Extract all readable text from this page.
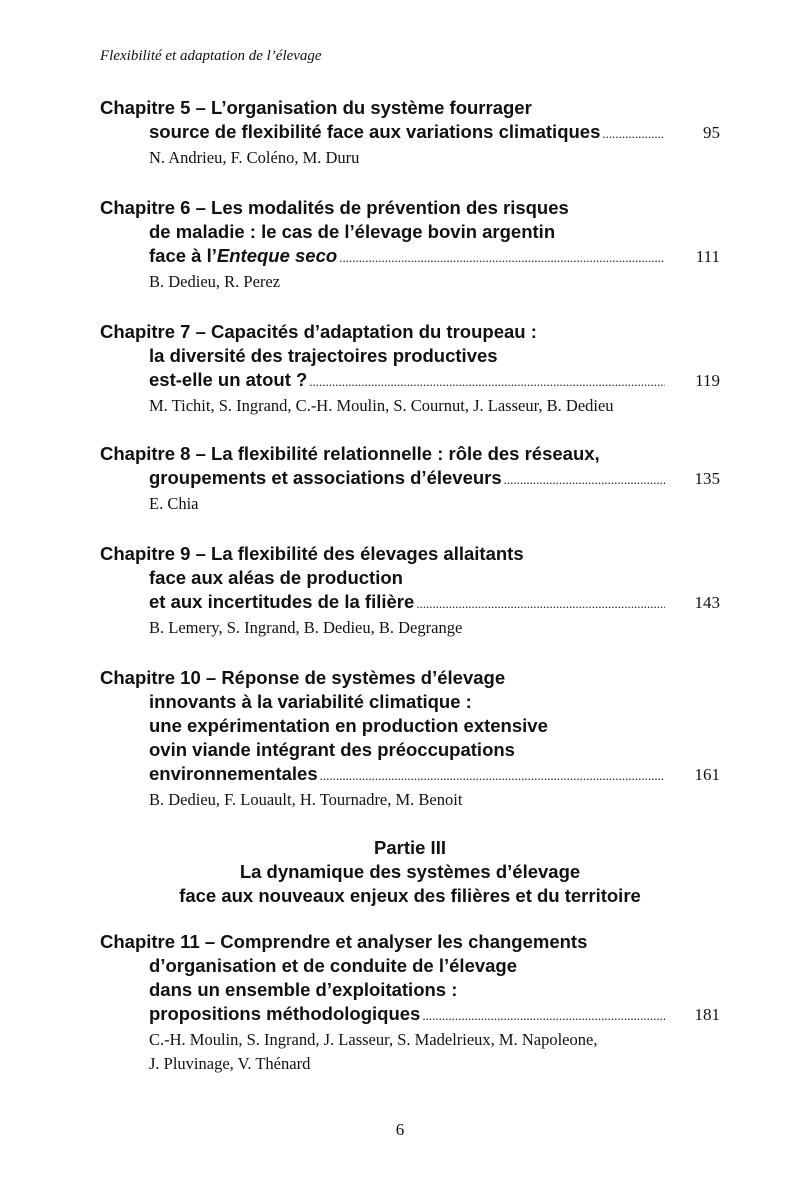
Flexibilité et adaptation de l’élevage
Chapitre 5 – L’organisation du système fourrager
source de flexibilité face aux variations climatiques .....	95
N. Andrieu, F. Coléno, M. Duru
Chapitre 6 – Les modalités de prévention des risques
de maladie : le cas de l’élevage bovin argentin
face à l’Enteque seco .....	111
B. Dedieu, R. Perez
Chapitre 7 – Capacités d’adaptation du troupeau :
la diversité des trajectoires productives
est-elle un atout ? .....	119
M. Tichit, S. Ingrand, C.-H. Moulin, S. Cournut, J. Lasseur, B. Dedieu
Chapitre 8 – La flexibilité relationnelle : rôle des réseaux,
groupements et associations d’éleveurs .....	135
E. Chia
Chapitre 9 – La flexibilité des élevages allaitants
face aux aléas de production
et aux incertitudes de la filière .....	143
B. Lemery, S. Ingrand, B. Dedieu, B. Degrange
Chapitre 10 – Réponse de systèmes d’élevage
innovants à la variabilité climatique :
une expérimentation en production extensive
ovin viande intégrant des préoccupations
environnementales .....	161
B. Dedieu, F. Louault, H. Tournadre, M. Benoit
Partie III
La dynamique des systèmes d’élevage
face aux nouveaux enjeux des filières et du territoire
Chapitre 11 – Comprendre et analyser les changements
d’organisation et de conduite de l’élevage
dans un ensemble d’exploitations :
propositions méthodologiques .....	181
C.-H. Moulin, S. Ingrand, J. Lasseur, S. Madelrieux, M. Napoleone,
J. Pluvinage, V. Thénard
6
